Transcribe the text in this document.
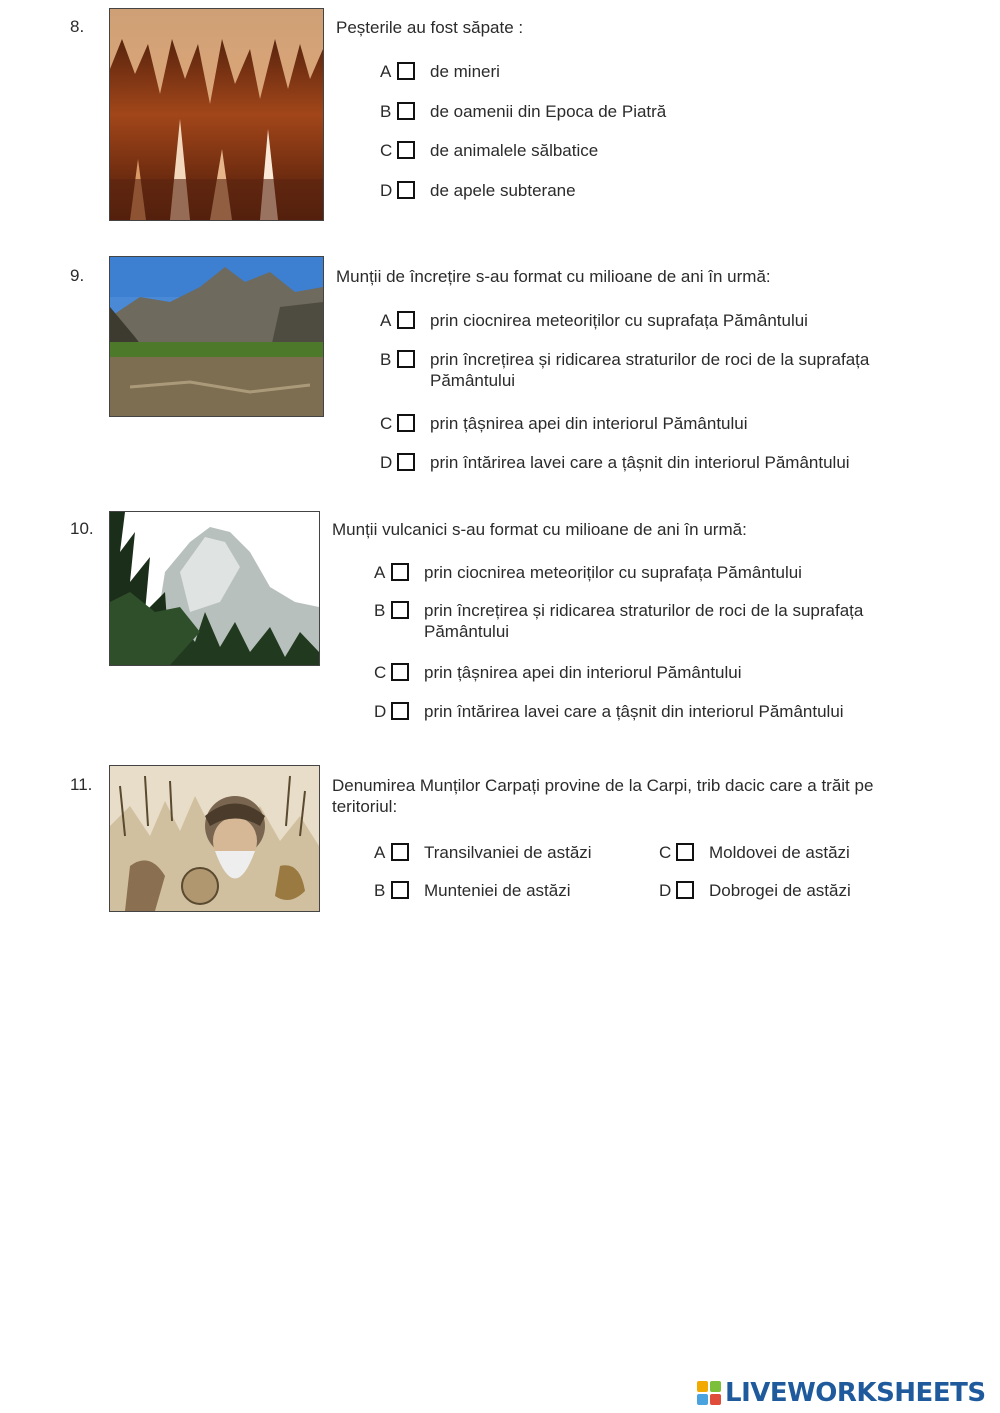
8.	Peșterile au fost săpate :
A de mineri
B de oamenii din Epoca de Piatră
C de animalele sălbatice
D de apele subterane
9.	Munții de încrețire s-au format cu milioane de ani în urmă:
A prin ciocnirea meteoriților cu suprafața Pământului
B prin încrețirea și ridicarea straturilor de roci de la suprafața Pământului
C prin țâșnirea apei din interiorul Pământului
D prin întărirea lavei care a țâșnit din interiorul Pământului
10.	Munții vulcanici s-au format cu milioane de ani în urmă:
A prin ciocnirea meteoriților cu suprafața Pământului
B prin încrețirea și ridicarea straturilor de roci de la suprafața Pământului
C prin țâșnirea apei din interiorul Pământului
D prin întărirea lavei care a țâșnit din interiorul Pământului
11.	Denumirea Munților Carpați provine de la Carpi, trib dacic care a trăit pe teritoriul:
A Transilvaniei de astăzi
B Munteniei de astăzi
C Moldovei de astăzi
D Dobrogei de astăzi
LIVEWORKSHEETS
